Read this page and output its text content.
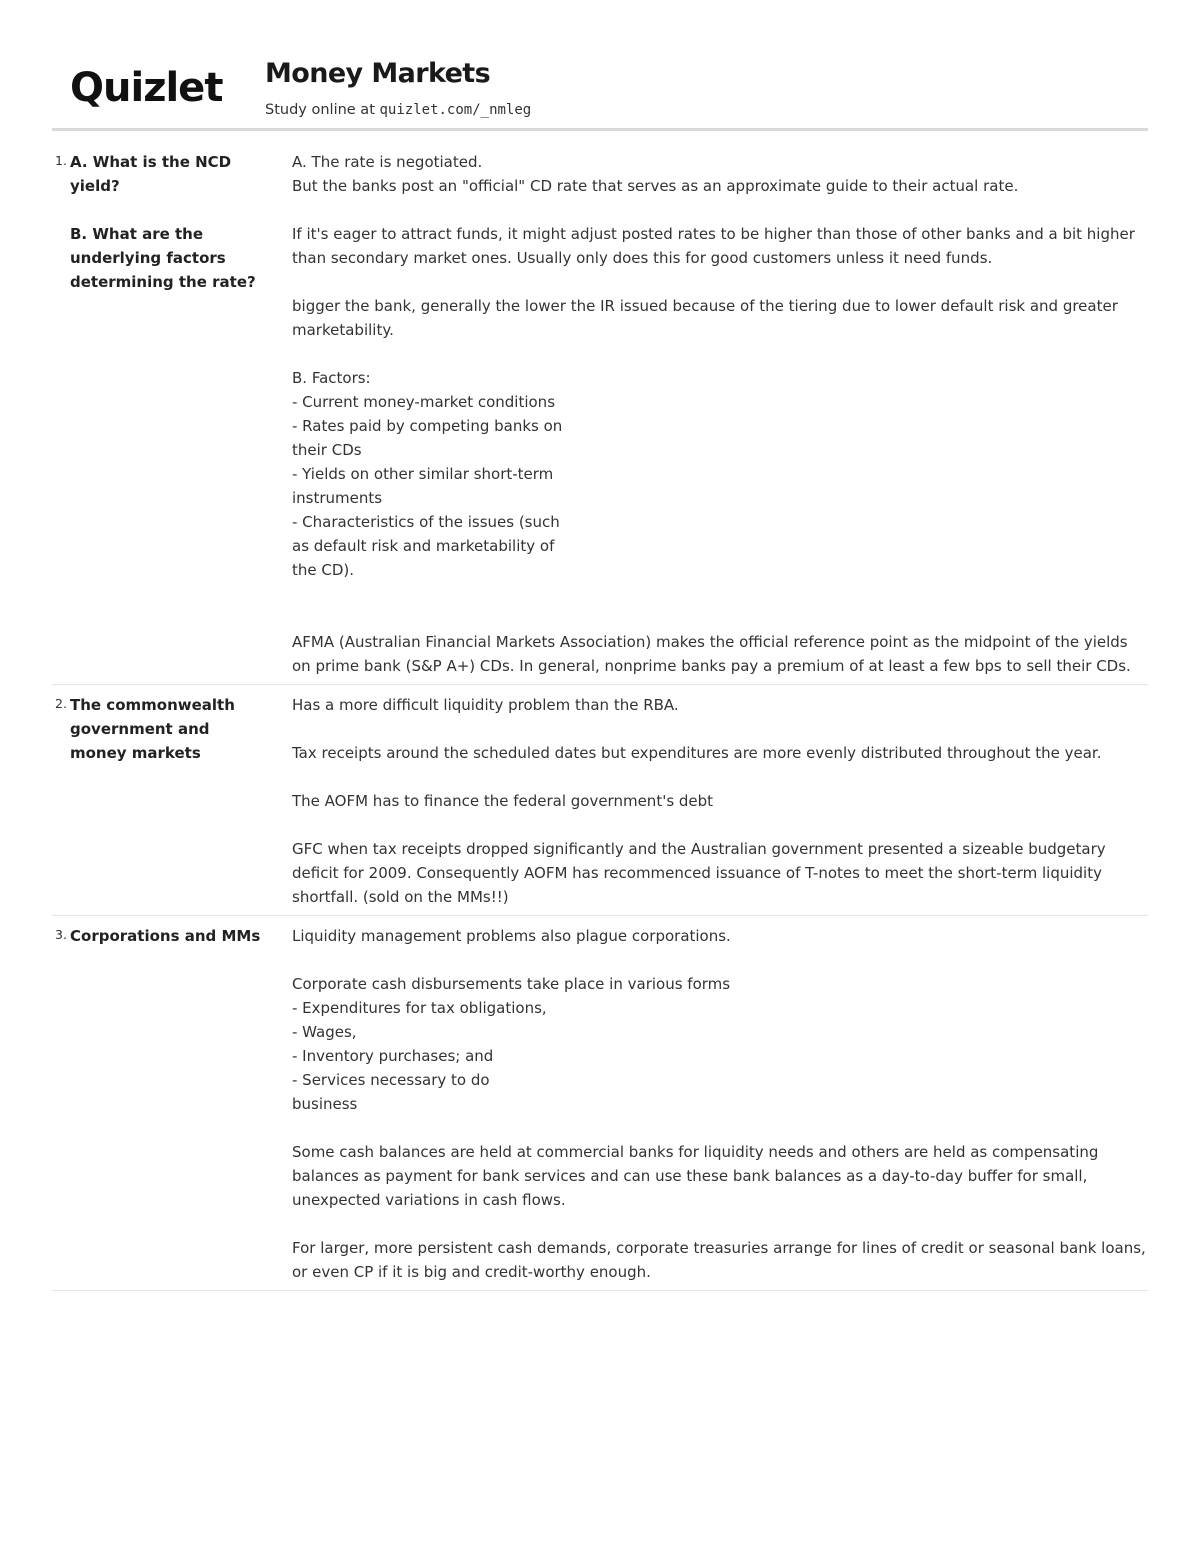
Quizlet Money Markets
Study online at quizlet.com/_nmleg
1. A. What is the NCD yield?

B. What are the underlying factors determining the rate?
A. The rate is negotiated.
But the banks post an "official" CD rate that serves as an approximate guide to their actual rate.

If it's eager to attract funds, it might adjust posted rates to be higher than those of other banks and a bit higher than secondary market ones. Usually only does this for good customers unless it need funds.

bigger the bank, generally the lower the IR issued because of the tiering due to lower default risk and greater marketability.

B. Factors:
- Current money-market conditions
- Rates paid by competing banks on
their CDs
- Yields on other similar short-term
instruments
- Characteristics of the issues (such
as default risk and marketability of
the CD).

AFMA (Australian Financial Markets Association) makes the official reference point as the midpoint of the yields on prime bank (S&P A+) CDs. In general, nonprime banks pay a premium of at least a few bps to sell their CDs.
2. The commonwealth government and money markets
Has a more difficult liquidity problem than the RBA.

Tax receipts around the scheduled dates but expenditures are more evenly distributed throughout the year.

The AOFM has to finance the federal government's debt

GFC when tax receipts dropped significantly and the Australian government presented a sizeable budgetary deficit for 2009. Consequently AOFM has recommenced issuance of T-notes to meet the short-term liquidity shortfall. (sold on the MMs!!)
3. Corporations and MMs	Liquidity management problems also plague corporations.

Corporate cash disbursements take place in various forms
- Expenditures for tax obligations,
- Wages,
- Inventory purchases; and
- Services necessary to do
business

Some cash balances are held at commercial banks for liquidity needs and others are held as compensating balances as payment for bank services and can use these bank balances as a day-to-day buffer for small, unexpected variations in cash flows.

For larger, more persistent cash demands, corporate treasuries arrange for lines of credit or seasonal bank loans, or even CP if it is big and credit-worthy enough.
